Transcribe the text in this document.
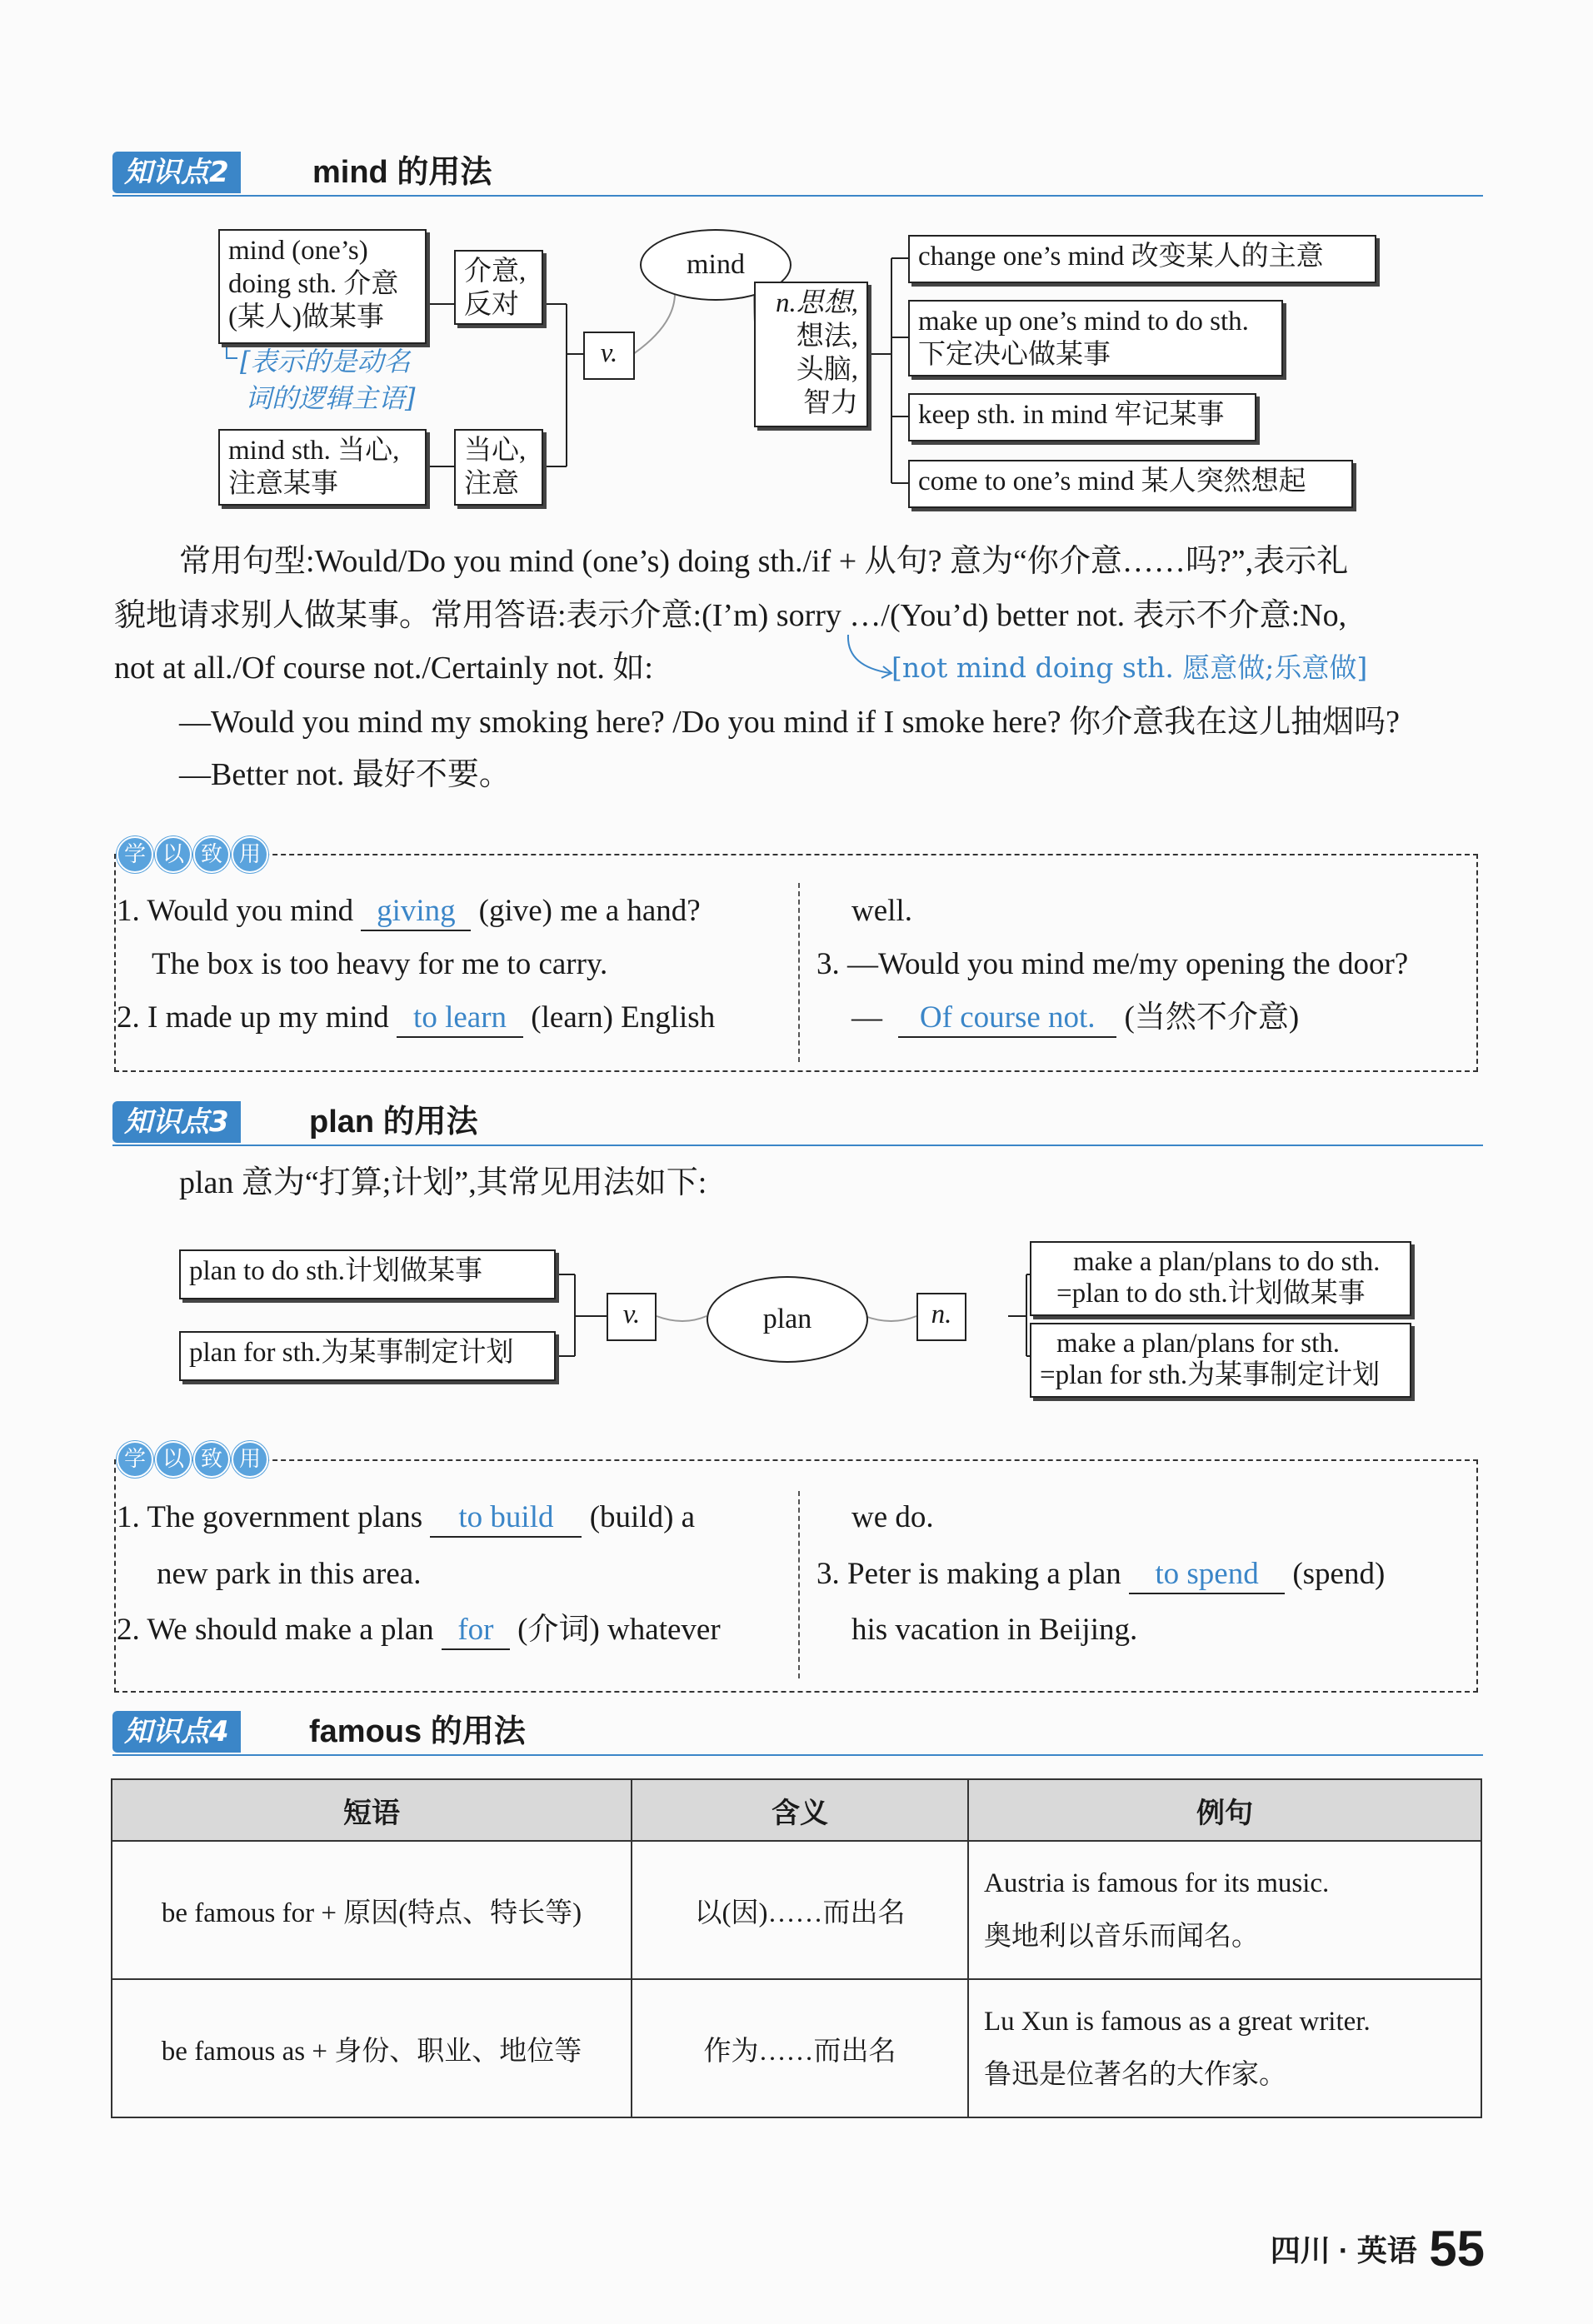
知识点2	mind 的用法
mind (one’s)
doing sth. 介意
(某人)做某事
介意,
反对
[表示的是动名
词的逻辑主语]
mind sth. 当心,
注意某事
当心,
注意
v.
mind
n.思想,
想法,
头脑,
智力
change one’s mind 改变某人的主意
make up one’s mind to do sth.
下定决心做某事
keep sth. in mind 牢记某事
come to one’s mind 某人突然想起
常用句型:Would/Do you mind (one’s) doing sth./if + 从句? 意为“你介意……吗?”,表示礼
貌地请求别人做某事。常用答语:表示介意:(I’m) sorry …/(You’d) better not. 表示不介意:No,
not at all./Of course not./Certainly not. 如:	[not mind doing sth. 愿意做;乐意做]
—Would you mind my smoking here? /Do you mind if I smoke here? 你介意我在这儿抽烟吗?
—Better not. 最好不要。
学 以 致 用
1. Would you mind giving (give) me a hand?
The box is too heavy for me to carry.
2. I made up my mind to learn (learn) English
well.
3. —Would you mind me/my opening the door?
— Of course not. (当然不介意)
知识点3	plan 的用法
plan 意为“打算;计划”,其常见用法如下:
plan to do sth.计划做某事
plan for sth.为某事制定计划
v.	plan	n.
make a plan/plans to do sth.
=plan to do sth.计划做某事
make a plan/plans for sth.
=plan for sth.为某事制定计划
学 以 致 用
1. The government plans to build (build) a
new park in this area.
2. We should make a plan for (介词) whatever
we do.
3. Peter is making a plan to spend (spend)
his vacation in Beijing.
知识点4	famous 的用法
短语	含义	例句
be famous for + 原因(特点、特长等)	以(因)……而出名	Austria is famous for its music.
奥地利以音乐而闻名。

be famous as + 身份、职业、地位等	作为……而出名	Lu Xun is famous as a great writer.
鲁迅是位著名的大作家。
四川 · 英语 55
